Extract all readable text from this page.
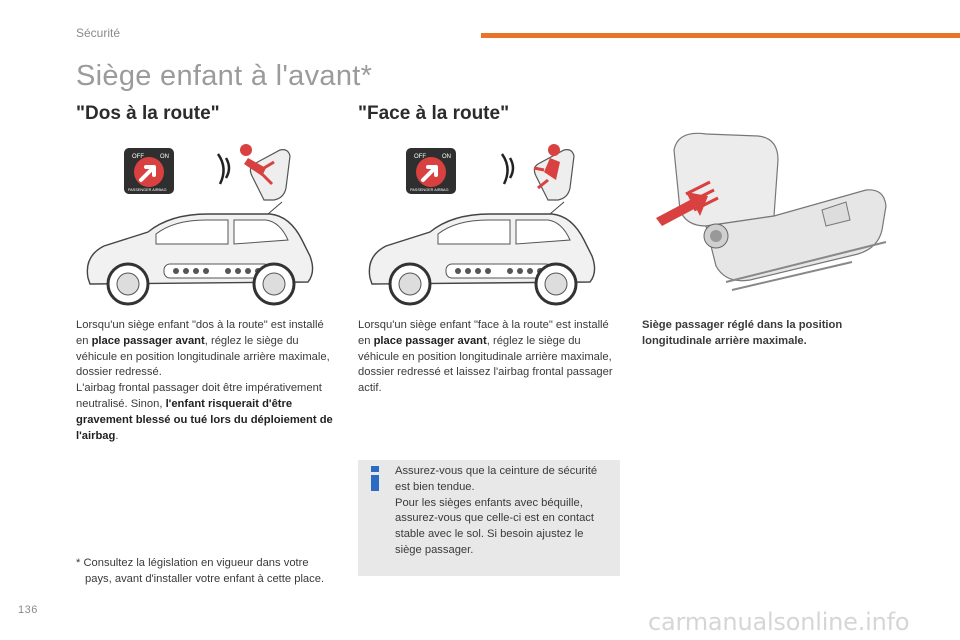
Sécurité
Siège enfant à l'avant*
"Dos à la route"	"Face à la route"
OFF	ON
PASSENGER AIRBAG
OFF	ON
PASSENGER AIRBAG
Lorsqu'un siège enfant "dos à la route" est installé en place passager avant, réglez le siège du véhicule en position longitudinale arrière maximale, dossier redressé.
L'airbag frontal passager doit être impérativement neutralisé. Sinon, l'enfant risquerait d'être gravement blessé ou tué lors du déploiement de l'airbag.
Lorsqu'un siège enfant "face à la route" est installé en place passager avant, réglez le siège du véhicule en position longitudinale arrière maximale, dossier redressé et laissez l'airbag frontal passager actif.
Siège passager réglé dans la position longitudinale arrière maximale.
Assurez-vous que la ceinture de sécurité est bien tendue.
Pour les sièges enfants avec béquille, assurez-vous que celle-ci est en contact stable avec le sol. Si besoin ajustez le siège passager.
* Consultez la législation en vigueur dans votre
pays, avant d'installer votre enfant à cette place.
136	carmanualsonline.info
